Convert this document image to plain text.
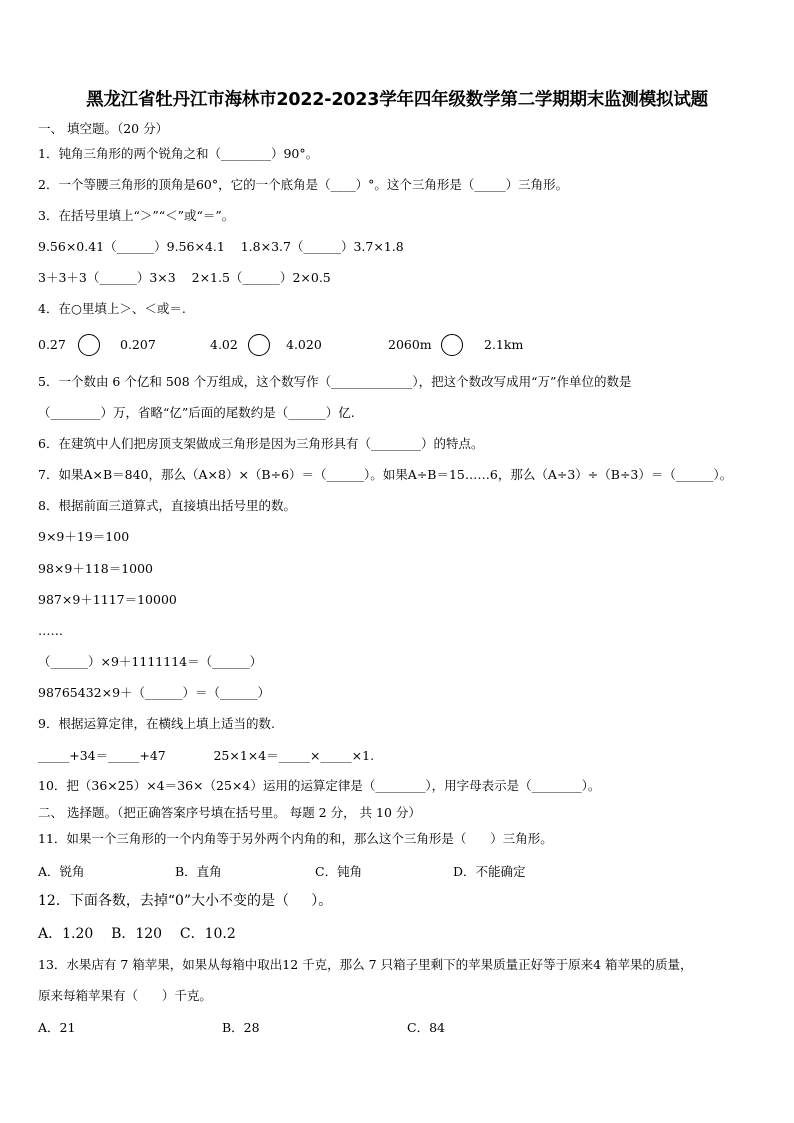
黑龙江省牡丹江市海林市2022-2023学年四年级数学第二学期期末监测模拟试题
一、 填空题。（20 分）
1．钝角三角形的两个锐角之和（________）90°。
2．一个等腰三角形的顶角是60°，它的一个底角是（____）°。这个三角形是（_____）三角形。
3．在括号里填上“＞”“＜”或“＝”。
9.56×0.41（______）9.56×4.1    1.8×3.7（______）3.7×1.8
3＋3＋3（______）3×3    2×1.5（______）2×0.5
4．在○里填上＞、＜或＝.
0.27	0.207	4.02	4.020	2060m	2.1km
5．一个数由 6 个亿和 508 个万组成，这个数写作（_____________），把这个数改写成用“万”作单位的数是
（________）万，省略“亿”后面的尾数约是（______）亿.
6．在建筑中人们把房顶支架做成三角形是因为三角形具有（________）的特点。
7．如果A×B＝840，那么（A×8）×（B÷6）＝（______）。如果A÷B＝15……6，那么（A÷3）÷（B÷3）＝（______）。
8．根据前面三道算式，直接填出括号里的数。
9×9＋19＝100
98×9＋118＝1000
987×9＋1117＝10000
……
（______）×9＋1111114＝（______）
98765432×9＋（______）＝（______）
9．根据运算定律，在横线上填上适当的数.
_____+34＝_____+47            25×1×4＝_____×_____×1.
10．把（36×25）×4＝36×（25×4）运用的运算定律是（________），用字母表示是（________）。
二、 选择题。（把正确答案序号填在括号里。 每题 2 分， 共 10 分）
11．如果一个三角形的一个内角等于另外两个内角的和，那么这个三角形是（      ）三角形。
A．锐角	B．直角	C．钝角	D．不能确定
12．下面各数，去掉“0”大小不变的是（     ）。
A．1.20    B．120    C．10.2
13．水果店有 7 箱苹果，如果从每箱中取出12 千克，那么 7 只箱子里剩下的苹果质量正好等于原来4 箱苹果的质量，
原来每箱苹果有（      ）千克。
A．21	B．28	C．84
